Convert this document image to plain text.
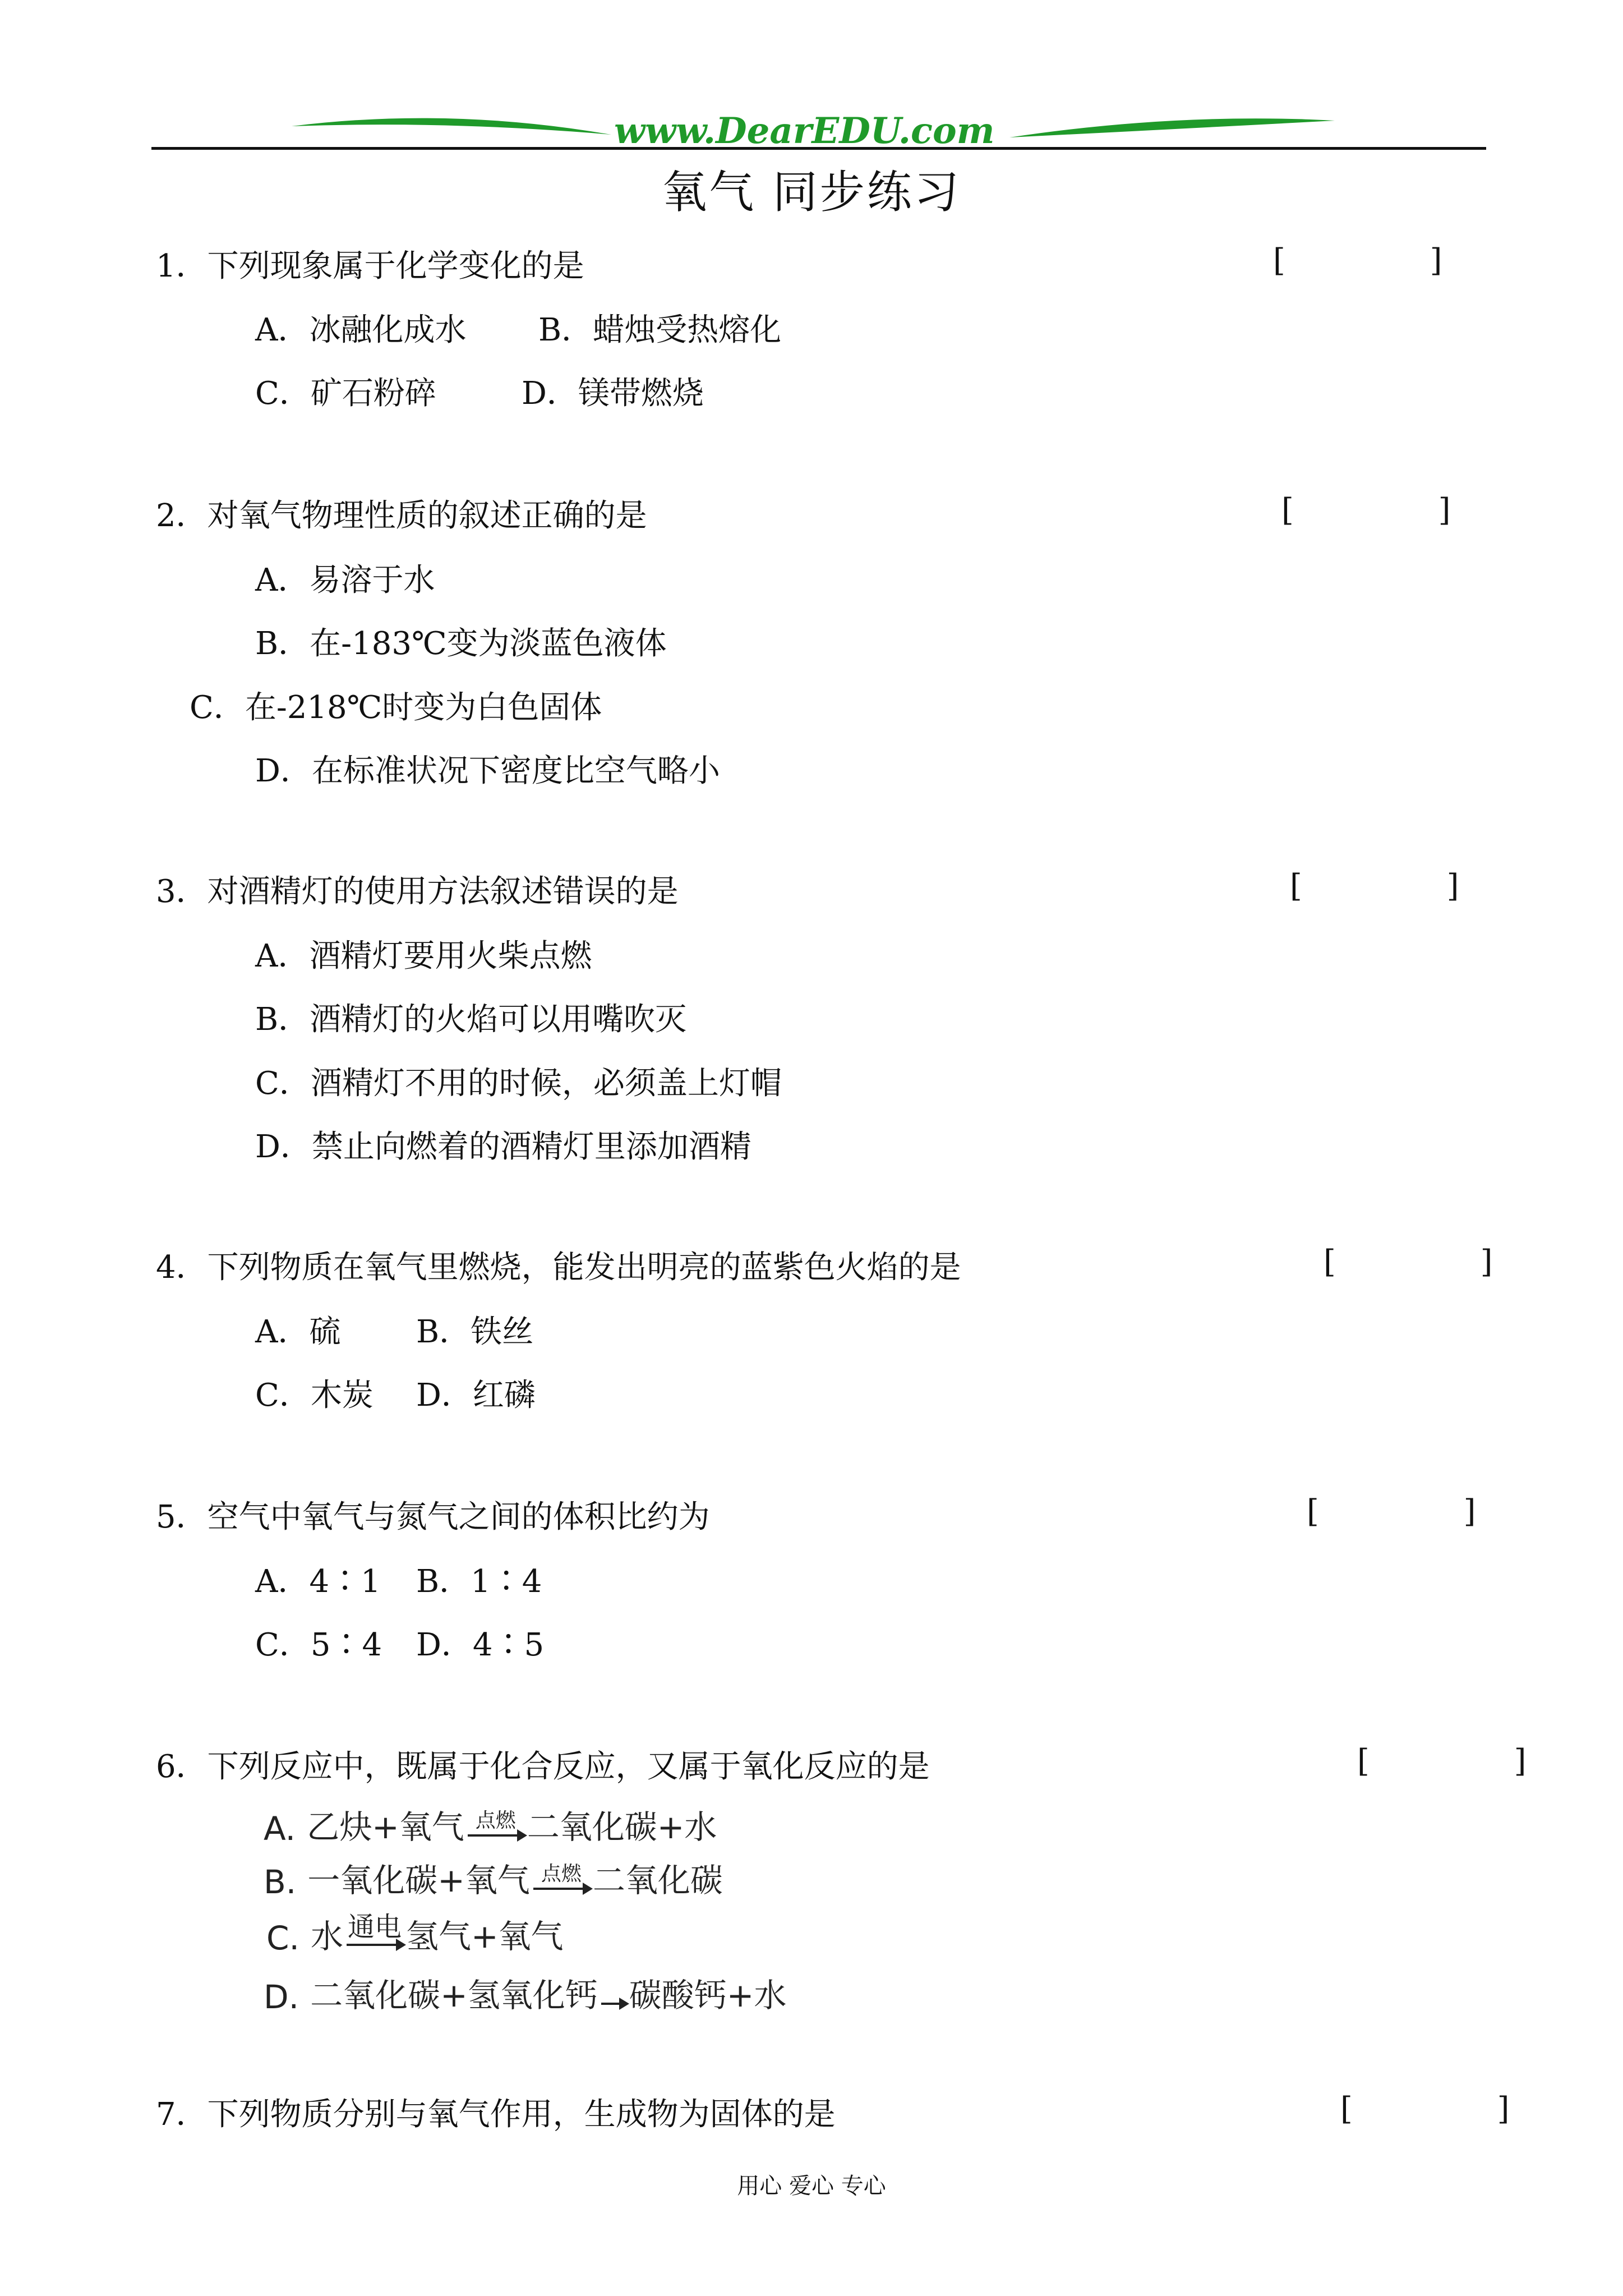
www.DearEDU.com
氧气 同步练习
1．下列现象属于化学变化的是	[ ]
A．冰融化成水 B．蜡烛受热熔化
C．矿石粉碎	D．镁带燃烧
2．对氧气物理性质的叙述正确的是	[ ]
A．易溶于水
B．在-183℃变为淡蓝色液体
C．在-218℃时变为白色固体
D．在标准状况下密度比空气略小
3．对酒精灯的使用方法叙述错误的是	[ ]
A．酒精灯要用火柴点燃
B．酒精灯的火焰可以用嘴吹灭
C．酒精灯不用的时候，必须盖上灯帽
D．禁止向燃着的酒精灯里添加酒精
4．下列物质在氧气里燃烧，能发出明亮的蓝紫色火焰的是	[ ]
A．硫 B．铁丝
C．木炭 D．红磷
5．空气中氧气与氮气之间的体积比约为	[ ]
A．4∶1 B．1∶4
C．5∶4 D．4∶5
6．下列反应中，既属于化合反应，又属于氧化反应的是	[ ]
A. 乙炔+氧气 点燃 二氧化碳+水
B. 一氧化碳+氧气 点燃 二氧化碳
C. 水 通电 氢气+氧气
D. 二氧化碳+氢氧化钙 → 碳酸钙+水
7．下列物质分别与氧气作用，生成物为固体的是	[ ]
用心 爱心 专心
